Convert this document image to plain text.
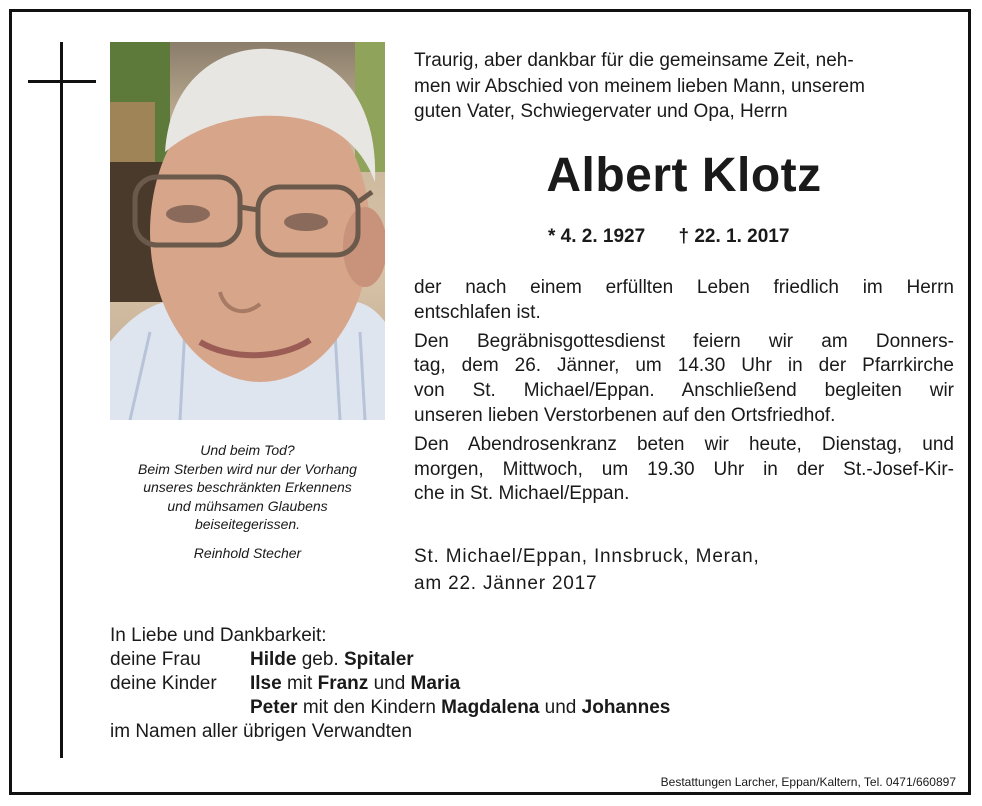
Und beim Tod?
Beim Sterben wird nur der Vorhang
unseres beschränkten Erkennens
und mühsamen Glaubens
beiseitegerissen.
Reinhold Stecher
Traurig, aber dankbar für die gemeinsame Zeit, neh-
men wir Abschied von meinem lieben Mann, unserem
guten Vater, Schwiegervater und Opa, Herrn
Albert Klotz
* 4. 2. 1927 † 22. 1. 2017
der nach einem erfüllten Leben friedlich im Herrn
entschlafen ist.
Den Begräbnisgottesdienst feiern wir am Donners-
tag, dem 26. Jänner, um 14.30 Uhr in der Pfarrkirche
von St. Michael/Eppan. Anschließend begleiten wir
unseren lieben Verstorbenen auf den Ortsfriedhof.
Den Abendrosenkranz beten wir heute, Dienstag, und
morgen, Mittwoch, um 19.30 Uhr in der St.-Josef-Kir-
che in St. Michael/Eppan.
St. Michael/Eppan, Innsbruck, Meran,
am 22. Jänner 2017
In Liebe und Dankbarkeit:
deine Frau	Hilde
geb.
Spitaler
deine Kinder	Ilse
mit
Franz
und
Maria
Peter
mit den Kindern
Magdalena
und
Johannes
im Namen aller übrigen Verwandten
Bestattungen Larcher, Eppan/Kaltern, Tel. 0471/660897
